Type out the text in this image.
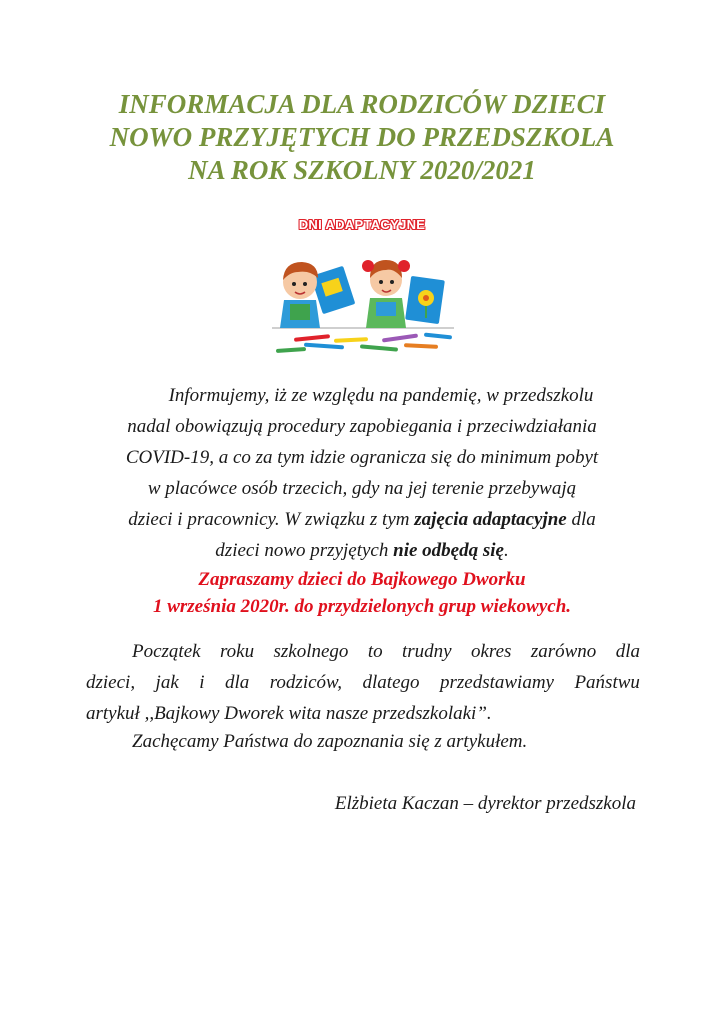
INFORMACJA DLA RODZICÓW DZIECI
NOWO PRZYJĘTYCH DO PRZEDSZKOLA
NA ROK SZKOLNY 2020/2021
DNI ADAPTACYJNE
Informujemy, iż ze względu na pandemię, w przedszkolu
nadal obowiązują procedury zapobiegania i przeciwdziałania
COVID-19, a co za tym idzie ogranicza się do minimum pobyt
w placówce osób trzecich, gdy na jej terenie przebywają
dzieci i pracownicy. W związku z tym zajęcia adaptacyjne dla
dzieci nowo przyjętych nie odbędą się.
Zapraszamy dzieci do Bajkowego Dworku
1 września 2020r. do przydzielonych grup wiekowych.
Początek roku szkolnego to trudny okres zarówno dla
dzieci, jak i dla rodziców, dlatego przedstawiamy Państwu
artykuł ,,Bajkowy Dworek wita nasze przedszkolaki”.
Zachęcamy Państwa do zapoznania się z artykułem.
Elżbieta Kaczan – dyrektor przedszkola
